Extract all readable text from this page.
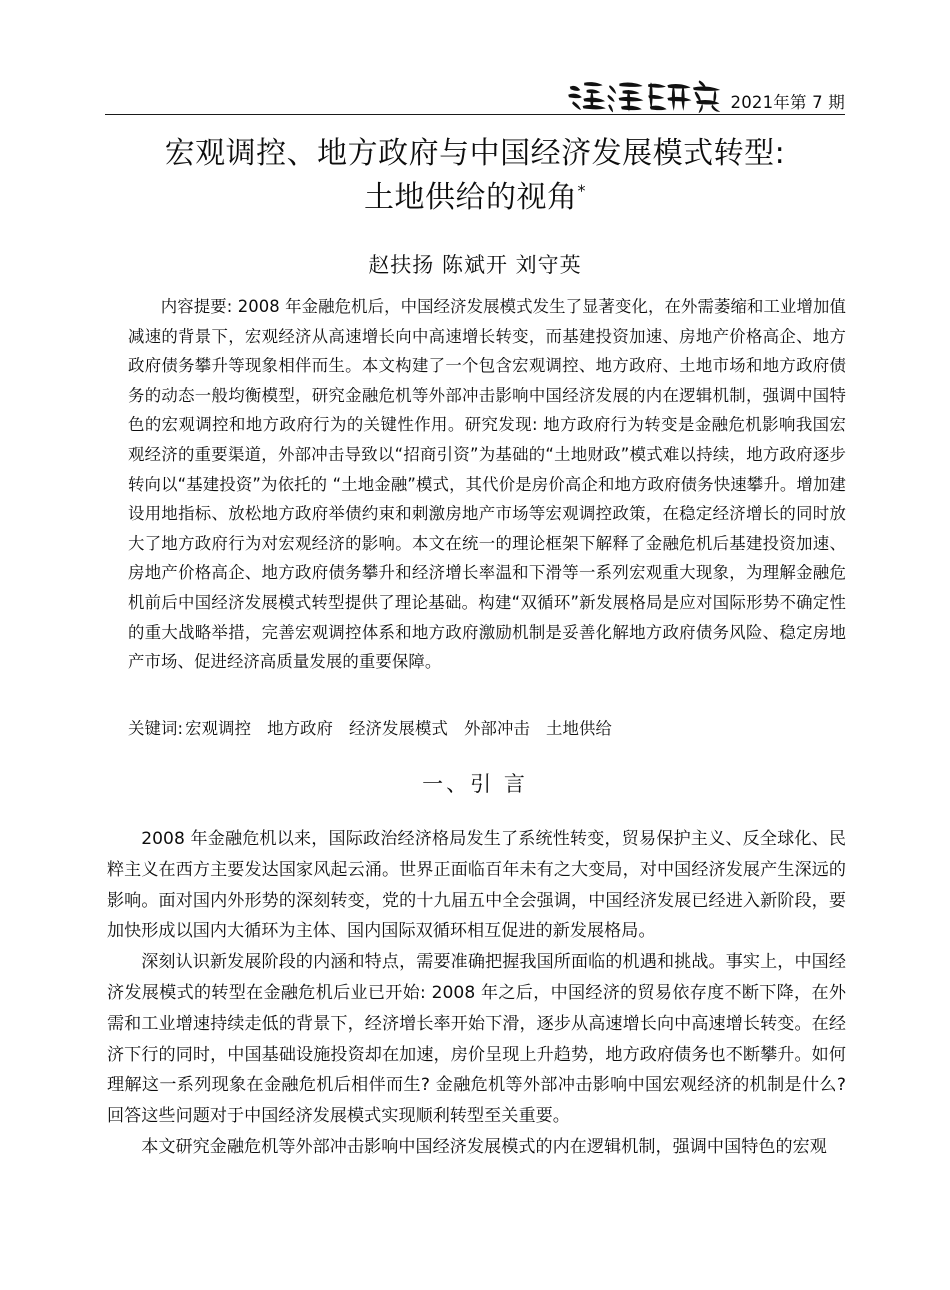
2021年第 7 期
宏观调控、地方政府与中国经济发展模式转型:
土地供给的视角*
赵扶扬 陈斌开 刘守英
内容提要: 2008 年金融危机后，中国经济发展模式发生了显著变化，在外需萎缩和工业增加值减速的背景下，宏观经济从高速增长向中高速增长转变，而基建投资加速、房地产价格高企、地方政府债务攀升等现象相伴而生。本文构建了一个包含宏观调控、地方政府、土地市场和地方政府债务的动态一般均衡模型，研究金融危机等外部冲击影响中国经济发展的内在逻辑机制，强调中国特色的宏观调控和地方政府行为的关键性作用。研究发现: 地方政府行为转变是金融危机影响我国宏观经济的重要渠道，外部冲击导致以“招商引资”为基础的“土地财政”模式难以持续，地方政府逐步转向以“基建投资”为依托的 “土地金融”模式，其代价是房价高企和地方政府债务快速攀升。增加建设用地指标、放松地方政府举债约束和刺激房地产市场等宏观调控政策，在稳定经济增长的同时放大了地方政府行为对宏观经济的影响。本文在统一的理论框架下解释了金融危机后基建投资加速、房地产价格高企、地方政府债务攀升和经济增长率温和下滑等一系列宏观重大现象，为理解金融危机前后中国经济发展模式转型提供了理论基础。构建“双循环”新发展格局是应对国际形势不确定性的重大战略举措，完善宏观调控体系和地方政府激励机制是妥善化解地方政府债务风险、稳定房地产市场、促进经济高质量发展的重要保障。
关键词: 宏观调控 地方政府 经济发展模式 外部冲击 土地供给
一、引 言

2008 年金融危机以来，国际政治经济格局发生了系统性转变，贸易保护主义、反全球化、民粹主义在西方主要发达国家风起云涌。世界正面临百年未有之大变局，对中国经济发展产生深远的影响。面对国内外形势的深刻转变，党的十九届五中全会强调，中国经济发展已经进入新阶段，要加快形成以国内大循环为主体、国内国际双循环相互促进的新发展格局。

深刻认识新发展阶段的内涵和特点，需要准确把握我国所面临的机遇和挑战。事实上，中国经济发展模式的转型在金融危机后业已开始: 2008 年之后，中国经济的贸易依存度不断下降，在外需和工业增速持续走低的背景下，经济增长率开始下滑，逐步从高速增长向中高速增长转变。在经济下行的同时，中国基础设施投资却在加速，房价呈现上升趋势，地方政府债务也不断攀升。如何理解这一系列现象在金融危机后相伴而生? 金融危机等外部冲击影响中国宏观经济的机制是什么? 回答这些问题对于中国经济发展模式实现顺利转型至关重要。

本文研究金融危机等外部冲击影响中国经济发展模式的内在逻辑机制，强调中国特色的宏观
